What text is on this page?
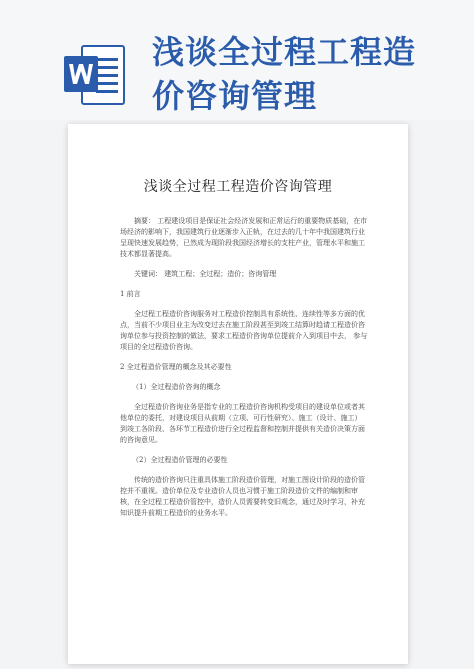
浅谈全过程工程造
价咨询管理
浅谈全过程工程造价咨询管理

摘要： 工程建设项目是保证社会经济发展和正常运行的重要物质基础，在市场经济的影响下，我国建筑行业逐渐步入正轨，在过去的几十年中我国建筑行业呈现快速发展趋势，已然成为现阶段我国经济增长的支柱产业，管理水平和施工技术都显著提高。

关键词： 建筑工程；全过程；造价；咨询管理

1 前言

全过程工程造价咨询服务对工程造价控制具有系统性、连续性等多方面的优点，当前不少项目业主为改变过去在施工阶段甚至到竣工结算时趋请工程造价咨询单位参与投资控制的做法，要求工程造价咨询单位提前介入到项目中去， 参与项目的全过程造价咨询。

2 全过程造价管理的概念及其必要性

（1）全过程造价咨询的概念

全过程造价咨询业务是指专业的工程造价咨询机构受项目的建设单位或者其他单位的委托，对建设项目从前期（立项、可行性研究）、施工（设计、施工）到竣工各阶段、各环节工程造价进行全过程监督和控制并提供有关造价决策方面的咨询意见。

（2）全过程造价管理的必要性

传统的造价咨询只注重具体施工阶段造价管理，对施工图设计阶段的造价管控并不重视。造价单位及专业造价人员也习惯于施工阶段造价文件的编制和审核，在全过程工程造价管控中，造价人员需要转变旧观念，通过及时学习，补充知识提升前期工程造价的业务水平。
